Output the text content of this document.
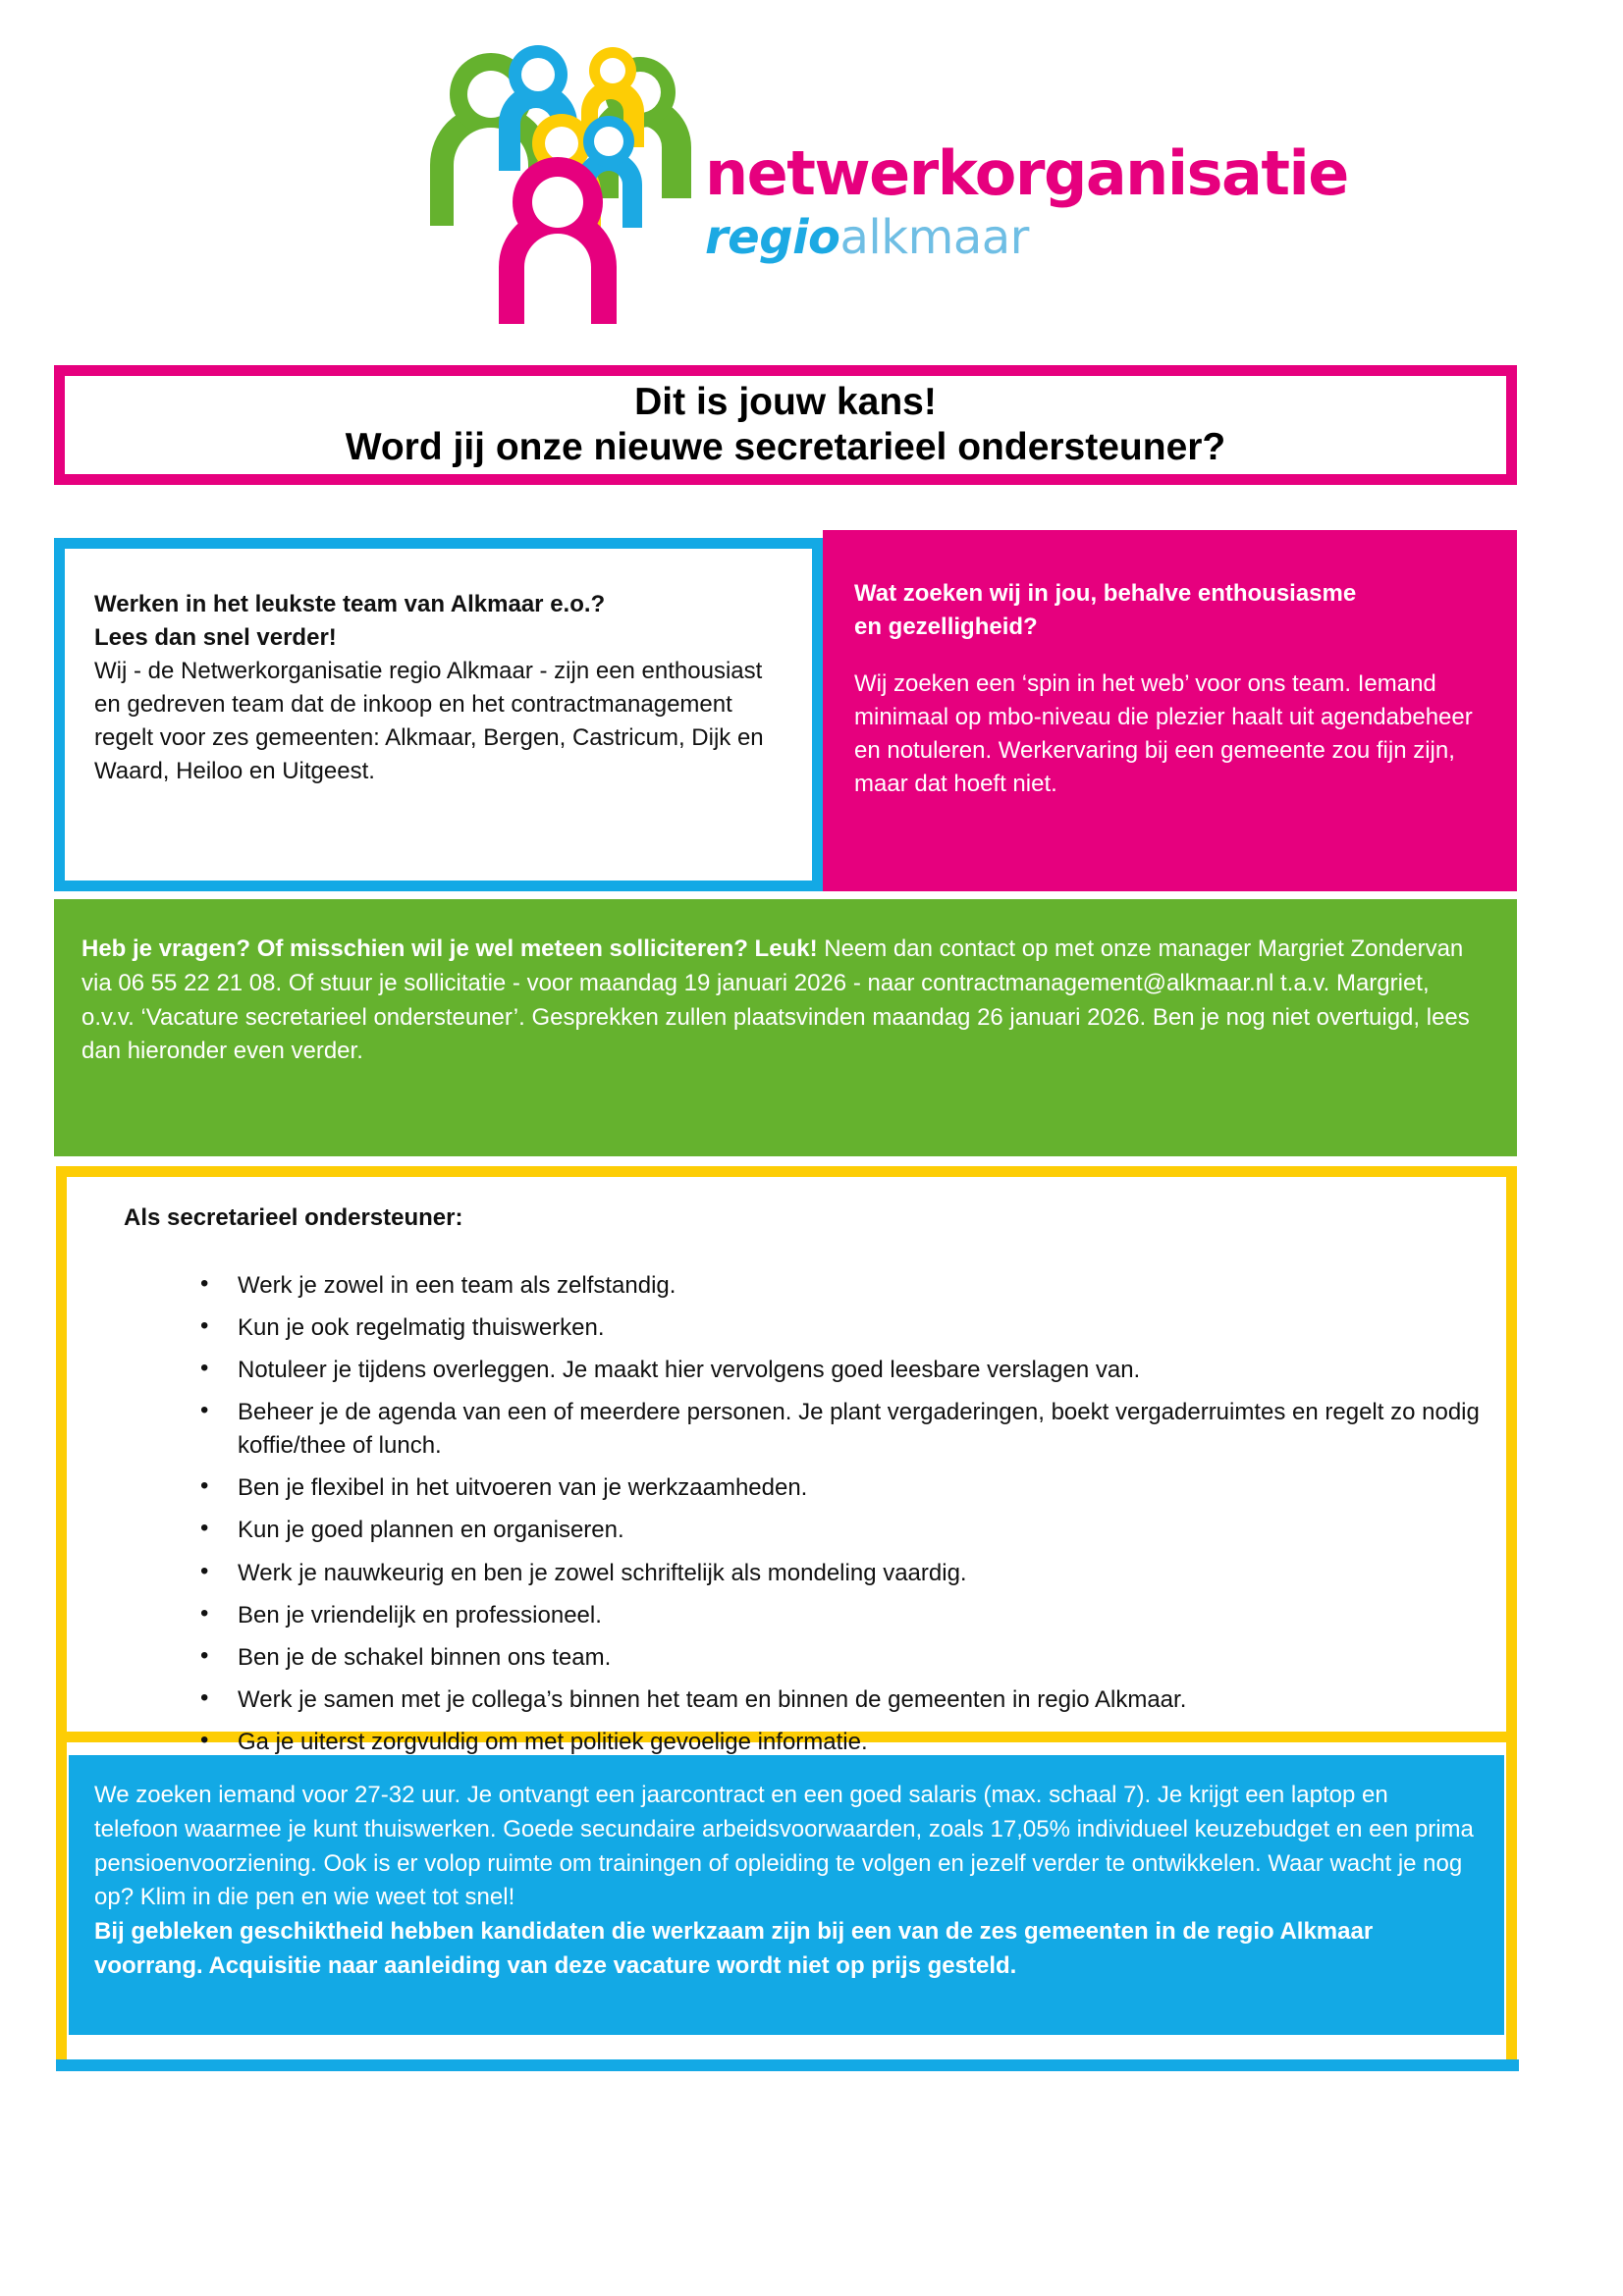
netwerkorganisatie
regioalkmaar
Dit is jouw kans!
Word jij onze nieuwe secretarieel ondersteuner?

Werken in het leukste team van Alkmaar e.o.?
Lees dan snel verder!
Wij - de Netwerkorganisatie regio Alkmaar - zijn een enthousiast en gedreven team dat de inkoop en het contractmanagement regelt voor zes gemeenten: Alkmaar, Bergen, Castricum, Dijk en Waard, Heiloo en Uitgeest.

Wat zoeken wij in jou, behalve enthousiasme
en gezelligheid?

Wij zoeken een ‘spin in het web’ voor ons team. Iemand minimaal op mbo-niveau die plezier haalt uit agendabeheer en notuleren. Werkervaring bij een gemeente zou fijn zijn, maar dat hoeft niet.

Heb je vragen? Of misschien wil je wel meteen solliciteren? Leuk! Neem dan contact op met onze manager Margriet Zondervan via 06 55 22 21 08. Of stuur je sollicitatie - voor maandag 19 januari 2026 - naar contractmanagement@alkmaar.nl t.a.v. Margriet, o.v.v. ‘Vacature secretarieel ondersteuner’. Gesprekken zullen plaatsvinden maandag 26 januari 2026. Ben je nog niet overtuigd, lees dan hieronder even verder.

Als secretarieel ondersteuner:
• Werk je zowel in een team als zelfstandig.
• Kun je ook regelmatig thuiswerken.
• Notuleer je tijdens overleggen. Je maakt hier vervolgens goed leesbare verslagen van.
• Beheer je de agenda van een of meerdere personen. Je plant vergaderingen, boekt vergaderruimtes en regelt zo nodig koffie/thee of lunch.
• Ben je flexibel in het uitvoeren van je werkzaamheden.
• Kun je goed plannen en organiseren.
• Werk je nauwkeurig en ben je zowel schriftelijk als mondeling vaardig.
• Ben je vriendelijk en professioneel.
• Ben je de schakel binnen ons team.
• Werk je samen met je collega’s binnen het team en binnen de gemeenten in regio Alkmaar.
• Ga je uiterst zorgvuldig om met politiek gevoelige informatie.

We zoeken iemand voor 27-32 uur. Je ontvangt een jaarcontract en een goed salaris (max. schaal 7). Je krijgt een laptop en telefoon waarmee je kunt thuiswerken. Goede secundaire arbeidsvoorwaarden, zoals 17,05% individueel keuzebudget en een prima pensioenvoorziening. Ook is er volop ruimte om trainingen of opleiding te volgen en jezelf verder te ontwikkelen. Waar wacht je nog op? Klim in die pen en wie weet tot snel!

Bij gebleken geschiktheid hebben kandidaten die werkzaam zijn bij een van de zes gemeenten in de regio Alkmaar voorrang. Acquisitie naar aanleiding van deze vacature wordt niet op prijs gesteld.
